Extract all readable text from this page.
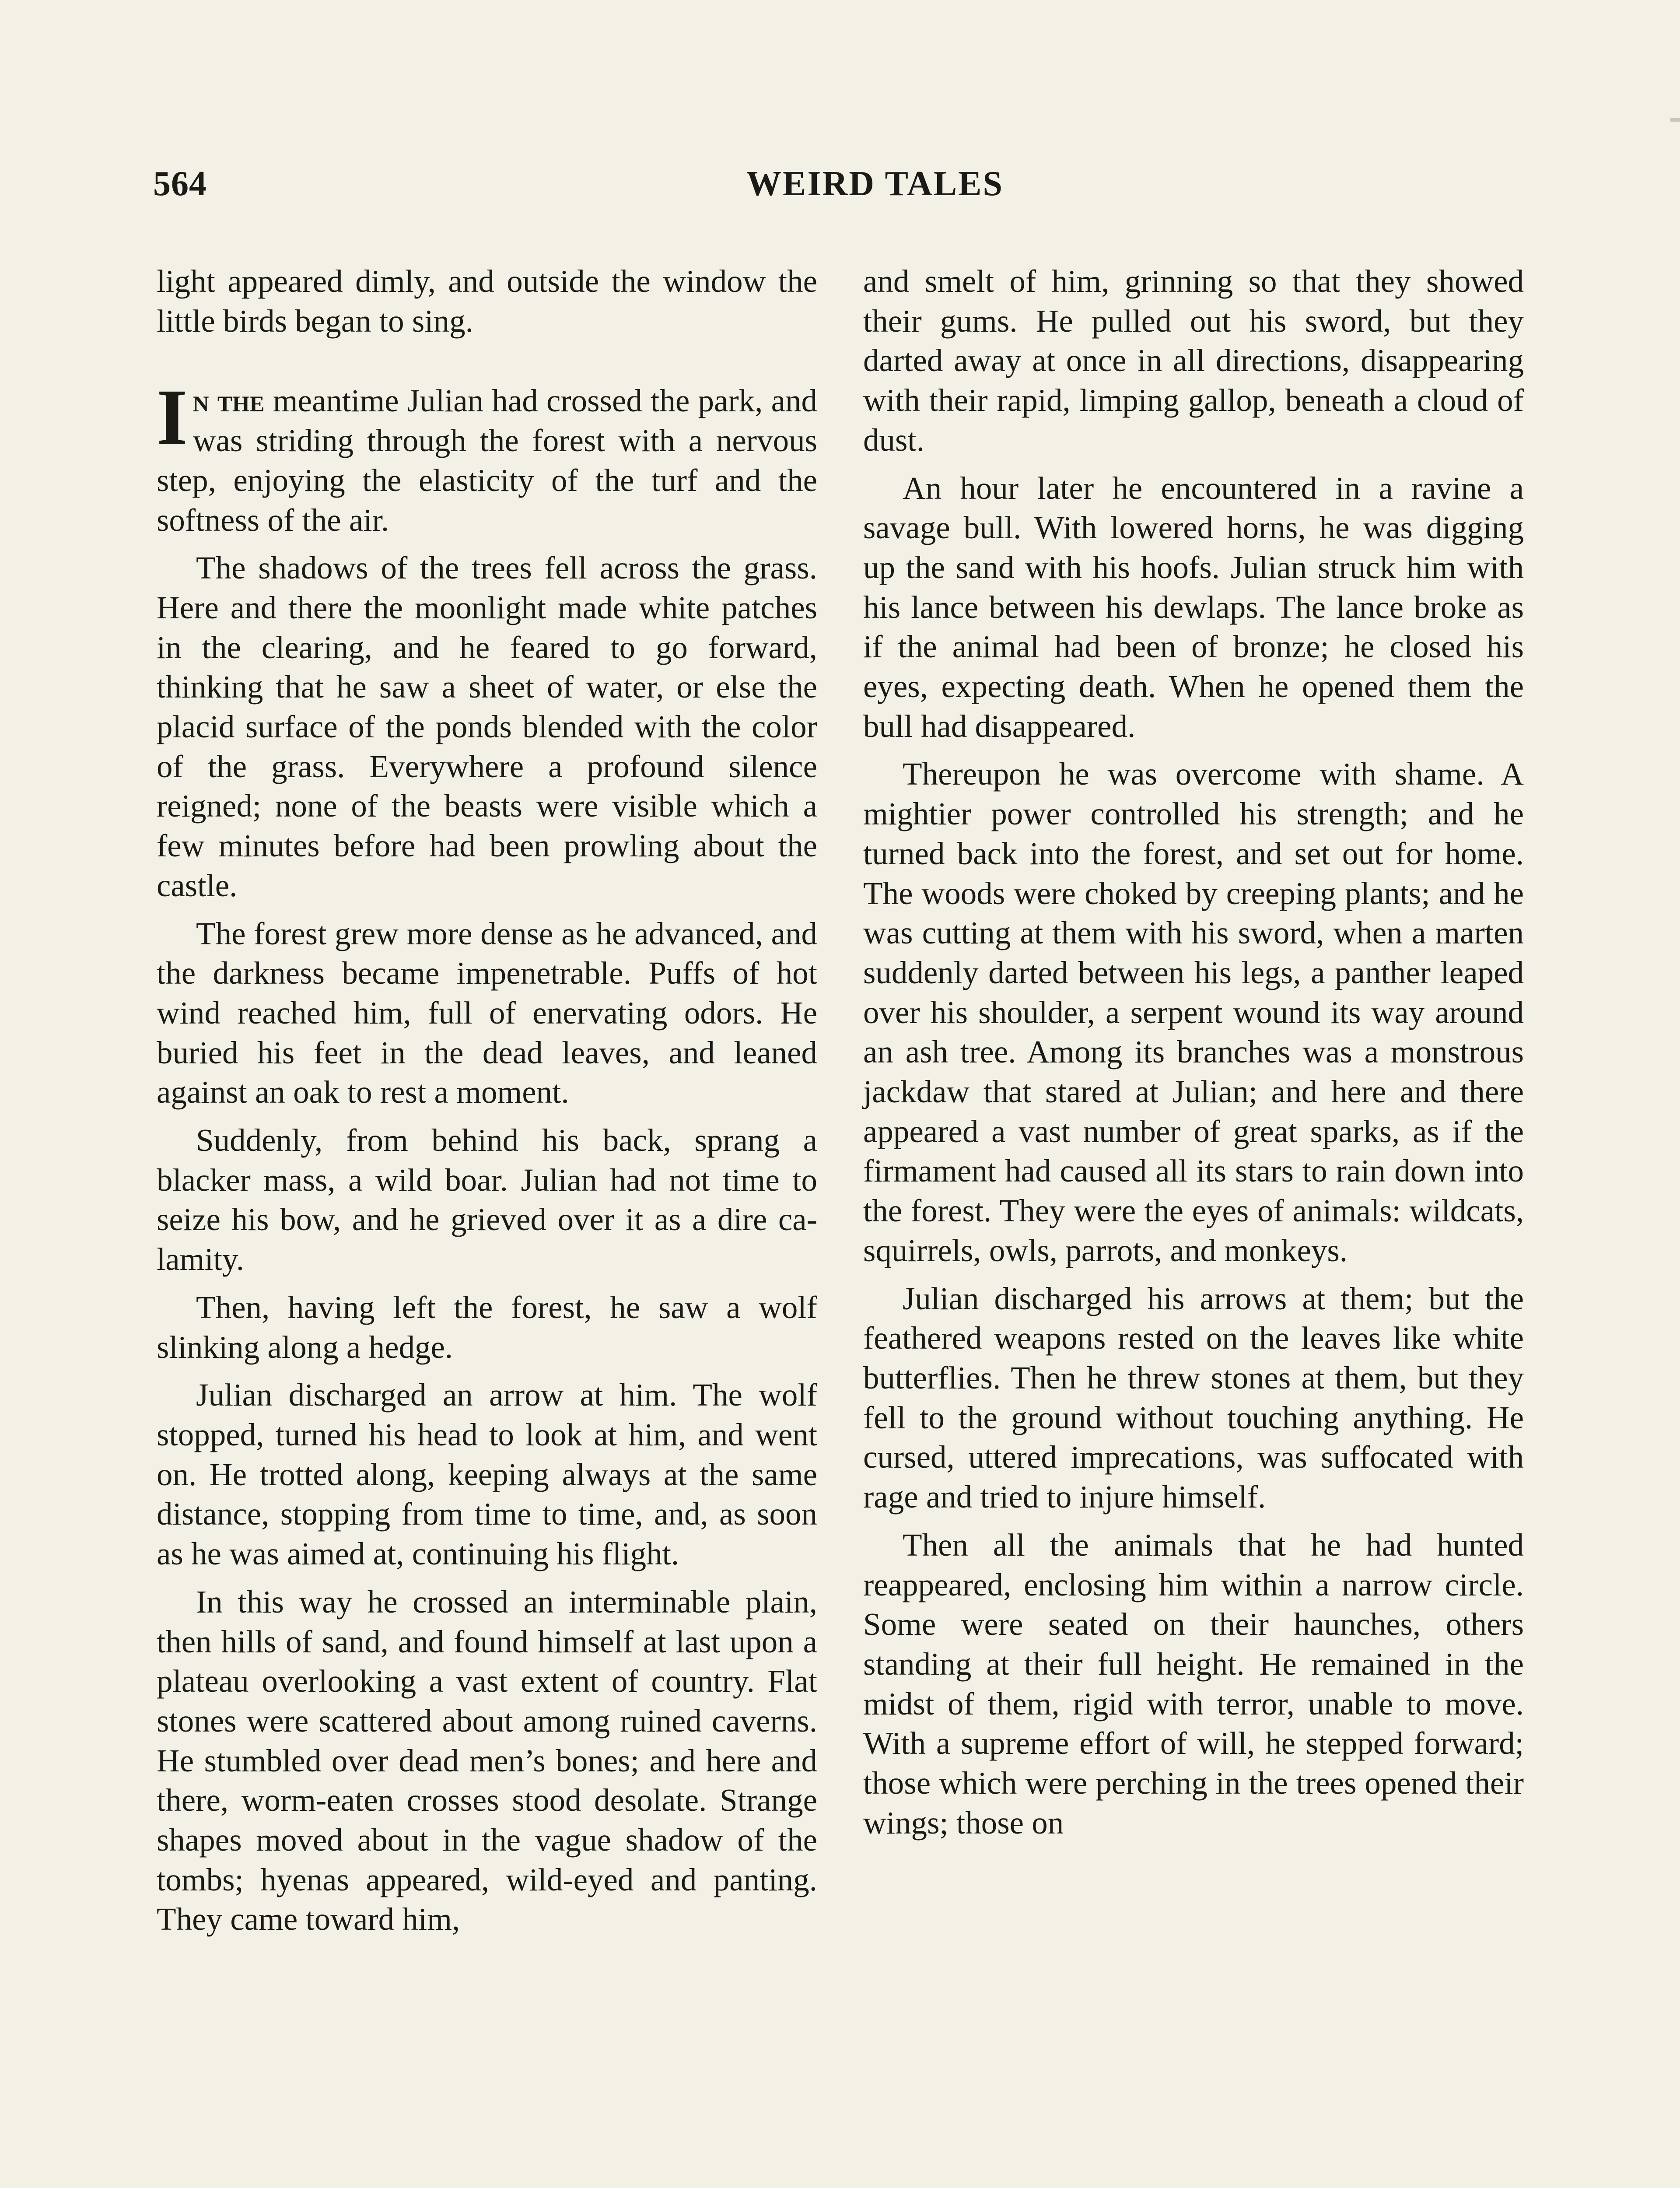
564	WEIRD TALES

light appeared dimly, and outside the window the little birds began to sing.

In the meantime Julian had crossed the park, and was striding through the forest with a nervous step, enjoying the elasticity of the turf and the softness of the air.

The shadows of the trees fell across the grass. Here and there the moonlight made white patches in the clearing, and he feared to go forward, thinking that he saw a sheet of water, or else the placid surface of the ponds blended with the color of the grass. Everywhere a profound silence reigned; none of the beasts were visible which a few minutes before had been prowling about the castle.

The forest grew more dense as he advanced, and the darkness became impenetrable. Puffs of hot wind reached him, full of enervating odors. He buried his feet in the dead leaves, and leaned against an oak to rest a moment.

Suddenly, from behind his back, sprang a blacker mass, a wild boar. Julian had not time to seize his bow, and he grieved over it as a dire calamity.

Then, having left the forest, he saw a wolf slinking along a hedge.

Julian discharged an arrow at him. The wolf stopped, turned his head to look at him, and went on. He trotted along, keeping always at the same distance, stopping from time to time, and, as soon as he was aimed at, continuing his flight.

In this way he crossed an interminable plain, then hills of sand, and found himself at last upon a plateau overlooking a vast extent of country. Flat stones were scattered about among ruined caverns. He stumbled over dead men’s bones; and here and there, worm-eaten crosses stood desolate. Strange shapes moved about in the vague shadow of the tombs; hyenas appeared, wild-eyed and panting. They came toward him,

and smelt of him, grinning so that they showed their gums. He pulled out his sword, but they darted away at once in all directions, disappearing with their rapid, limping gallop, beneath a cloud of dust.

An hour later he encountered in a ravine a savage bull. With lowered horns, he was digging up the sand with his hoofs. Julian struck him with his lance between his dewlaps. The lance broke as if the animal had been of bronze; he closed his eyes, expecting death. When he opened them the bull had disappeared.

Thereupon he was overcome with shame. A mightier power controlled his strength; and he turned back into the forest, and set out for home. The woods were choked by creeping plants; and he was cutting at them with his sword, when a marten suddenly darted between his legs, a panther leaped over his shoulder, a serpent wound its way around an ash tree. Among its branches was a monstrous jackdaw that stared at Julian; and here and there appeared a vast number of great sparks, as if the firmament had caused all its stars to rain down into the forest. They were the eyes of animals: wildcats, squirrels, owls, parrots, and monkeys.

Julian discharged his arrows at them; but the feathered weapons rested on the leaves like white butterflies. Then he threw stones at them, but they fell to the ground without touching anything. He cursed, uttered imprecations, was suffocated with rage and tried to injure himself.

Then all the animals that he had hunted reappeared, enclosing him within a narrow circle. Some were seated on their haunches, others standing at their full height. He remained in the midst of them, rigid with terror, unable to move. With a supreme effort of will, he stepped forward; those which were perching in the trees opened their wings; those on
